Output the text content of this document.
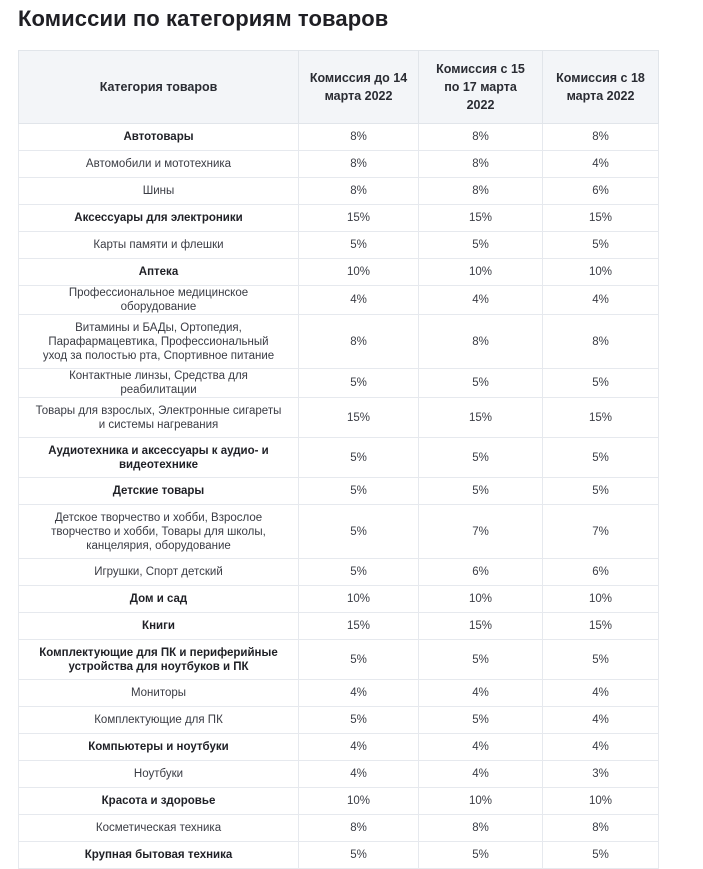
Комиссии по категориям товаров
Категория товаров	Комиссия до 14 марта 2022	Комиссия с 15 по 17 марта 2022	Комиссия с 18 марта 2022
Автотовары	8%	8%	8%
Автомобили и мототехника	8%	8%	4%
Шины	8%	8%	6%
Аксессуары для электроники	15%	15%	15%
Карты памяти и флешки	5%	5%	5%
Аптека	10%	10%	10%
Профессиональное медицинское оборудование	4%	4%	4%
Витамины и БАДы, Ортопедия, Парафармацевтика, Профессиональный уход за полостью рта, Спортивное питание	8%	8%	8%
Контактные линзы, Средства для реабилитации	5%	5%	5%
Товары для взрослых, Электронные сигареты и системы нагревания	15%	15%	15%
Аудиотехника и аксессуары к аудио- и видеотехнике	5%	5%	5%
Детские товары	5%	5%	5%
Детское творчество и хобби, Взрослое творчество и хобби, Товары для школы, канцелярия, оборудование	5%	7%	7%
Игрушки, Спорт детский	5%	6%	6%
Дом и сад	10%	10%	10%
Книги	15%	15%	15%
Комплектующие для ПК и периферийные устройства для ноутбуков и ПК	5%	5%	5%
Мониторы	4%	4%	4%
Комплектующие для ПК	5%	5%	4%
Компьютеры и ноутбуки	4%	4%	4%
Ноутбуки	4%	4%	3%
Красота и здоровье	10%	10%	10%
Косметическая техника	8%	8%	8%
Крупная бытовая техника	5%	5%	5%
